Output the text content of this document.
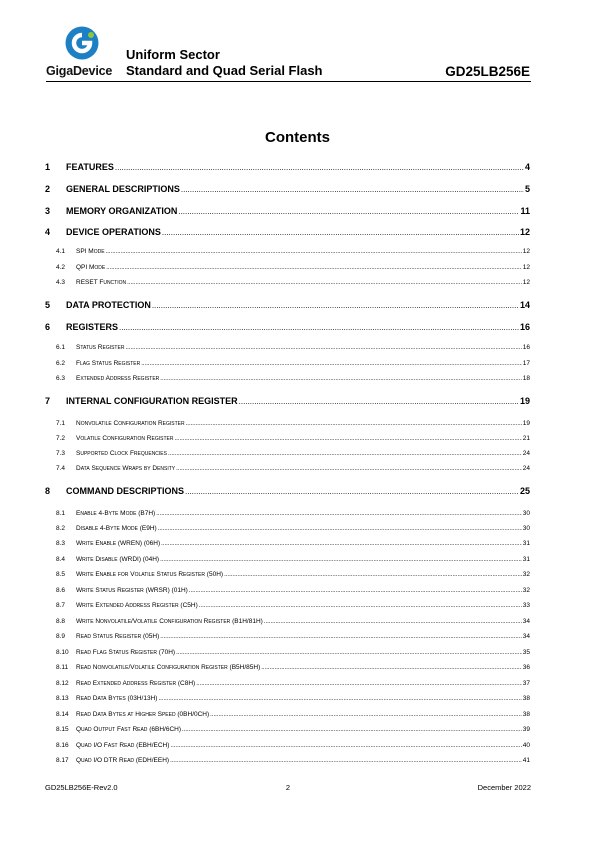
GigaDevice
Uniform Sector
Standard and Quad Serial Flash	GD25LB256E
Contents
1	FEATURES .....	4
2	GENERAL DESCRIPTIONS .....	5
3	MEMORY ORGANIZATION .....	11
4	DEVICE OPERATIONS .....	12
4.1	SPI Mode .....	12
4.2	QPI Mode .....	12
4.3	RESET Function .....	12
5	DATA PROTECTION .....	14
6	REGISTERS .....	16
6.1	Status Register .....	16
6.2	Flag Status Register .....	17
6.3	Extended Address Register .....	18
7	INTERNAL CONFIGURATION REGISTER .....	19
7.1	Nonvolatile Configuration Register .....	19
7.2	Volatile Configuration Register .....	21
7.3	Supported Clock Frequencies .....	24
7.4	Data Sequence Wraps by Density .....	24
8	COMMAND DESCRIPTIONS .....	25
8.1	Enable 4-Byte Mode (B7H) .....	30
8.2	Disable 4-Byte Mode (E9H) .....	30
8.3	Write Enable (WREN) (06H) .....	31
8.4	Write Disable (WRDI) (04H) .....	31
8.5	Write Enable for Volatile Status Register (50H) .....	32
8.6	Write Status Register (WRSR) (01H) .....	32
8.7	Write Extended Address Register (C5H) .....	33
8.8	Write Nonvolatile/Volatile Configuration Register (B1H/81H) .....	34
8.9	Read Status Register (05H) .....	34
8.10	Read Flag Status Register (70H) .....	35
8.11	Read Nonvolatile/Volatile Configuration Register (B5H/85H) .....	36
8.12	Read Extended Address Register (C8H) .....	37
8.13	Read Data Bytes (03H/13H) .....	38
8.14	Read Data Bytes at Higher Speed (0BH/0CH) .....	38
8.15	Quad Output Fast Read (6BH/6CH) .....	39
8.16	Quad I/O Fast Read (EBH/ECH) .....	40
8.17	Quad I/O DTR Read (EDH/EEH) .....	41
GD25LB256E-Rev2.0	2	December 2022
